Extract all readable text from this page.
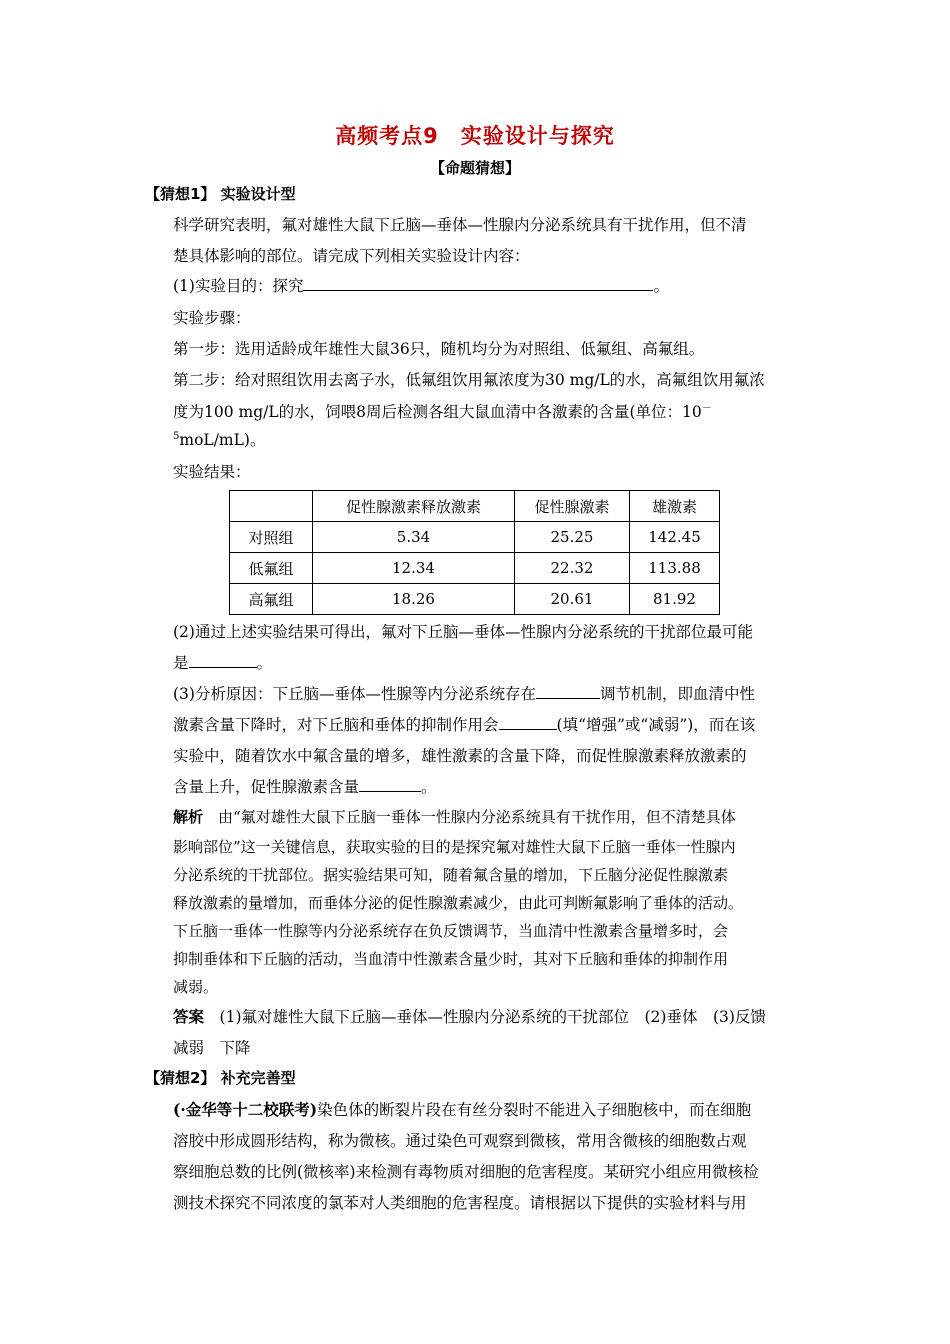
高频考点9　实验设计与探究
【命题猜想】
【猜想1】 实验设计型
科学研究表明，氟对雄性大鼠下丘脑—垂体—性腺内分泌系统具有干扰作用，但不清
楚具体影响的部位。请完成下列相关实验设计内容：
(1)实验目的：探究	。
实验步骤：
第一步：选用适龄成年雄性大鼠36只，随机均分为对照组、低氟组、高氟组。
第二步：给对照组饮用去离子水，低氟组饮用氟浓度为30 mg/L的水，高氟组饮用氟浓
度为100 mg/L的水，饲喂8周后检测各组大鼠血清中各激素的含量(单位：10－
$^5$moL/mL)。
实验结果：
	促性腺激素释放激素	促性腺激素	雄激素
对照组	5.34	25.25	142.45
低氟组	12.34	22.32	113.88
高氟组	18.26	20.61	81.92
(2)通过上述实验结果可得出，氟对下丘脑—垂体—性腺内分泌系统的干扰部位最可能
是	。
(3)分析原因：下丘脑—垂体—性腺等内分泌系统存在	调节机制，即血清中性
激素含量下降时，对下丘脑和垂体的抑制作用会	(填“增强”或“减弱”)，而在该
实验中，随着饮水中氟含量的增多，雄性激素的含量下降，而促性腺激素释放激素的
含量上升，促性腺激素含量	。
解析　 由“氟对雄性大鼠下丘脑一垂体一性腺内分泌系统具有干扰作用，但不清楚具体
影响部位”这一关键信息，获取实验的目的是探究氟对雄性大鼠下丘脑一垂体一性腺内
分泌系统的干扰部位。据实验结果可知，随着氟含量的增加，下丘脑分泌促性腺激素
释放激素的量增加，而垂体分泌的促性腺激素减少，由此可判断氟影响了垂体的活动。
下丘脑一垂体一性腺等内分泌系统存在负反馈调节，当血清中性激素含量增多时，会
抑制垂体和下丘脑的活动，当血清中性激素含量少时，其对下丘脑和垂体的抑制作用
减弱。
答案　 (1)氟对雄性大鼠下丘脑—垂体—性腺内分泌系统的干扰部位　(2)垂体　(3)反馈
减弱　下降
【猜想2】 补充完善型
(·金华等十二校联考)染色体的断裂片段在有丝分裂时不能进入子细胞核中，而在细胞
溶胶中形成圆形结构，称为微核。通过染色可观察到微核，常用含微核的细胞数占观
察细胞总数的比例(微核率)来检测有毒物质对细胞的危害程度。某研究小组应用微核检
测技术探究不同浓度的氯苯对人类细胞的危害程度。请根据以下提供的实验材料与用
